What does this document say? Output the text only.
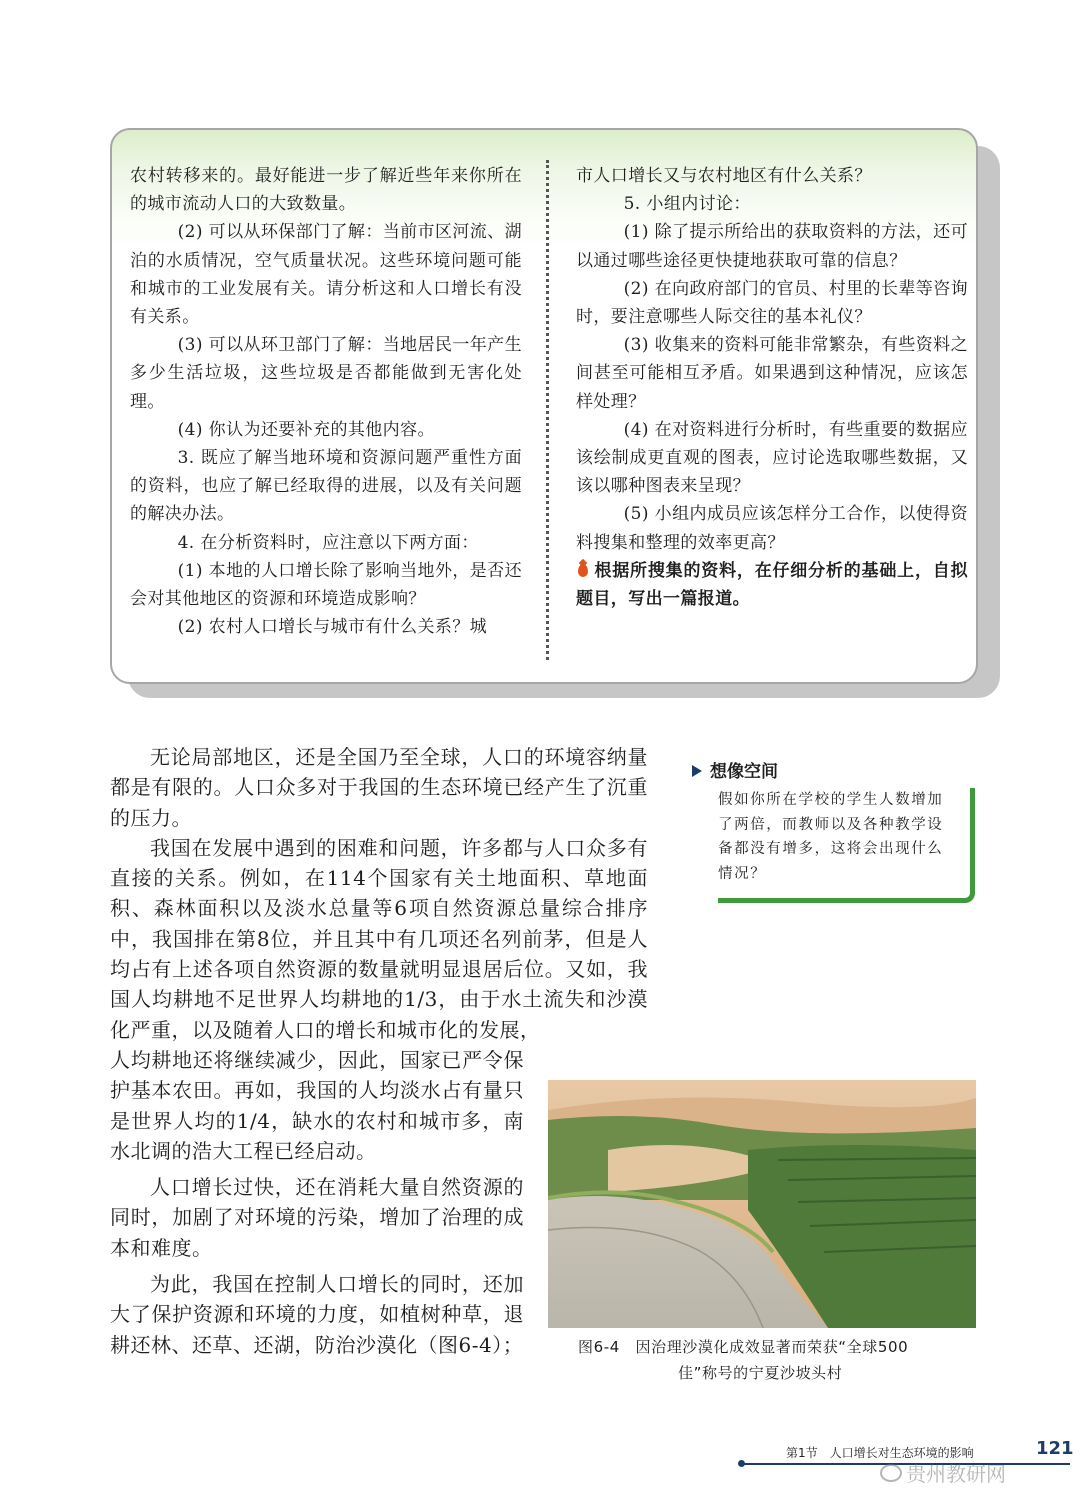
农村转移来的。最好能进一步了解近些年来你所在的城市流动人口的大致数量。

(2) 可以从环保部门了解：当前市区河流、湖泊的水质情况，空气质量状况。这些环境问题可能和城市的工业发展有关。请分析这和人口增长有没有关系。

(3) 可以从环卫部门了解：当地居民一年产生多少生活垃圾，这些垃圾是否都能做到无害化处理。

(4) 你认为还要补充的其他内容。

3. 既应了解当地环境和资源问题严重性方面的资料，也应了解已经取得的进展，以及有关问题的解决办法。

4. 在分析资料时，应注意以下两方面：

(1) 本地的人口增长除了影响当地外，是否还会对其他地区的资源和环境造成影响？

(2) 农村人口增长与城市有什么关系？城

市人口增长又与农村地区有什么关系？

5. 小组内讨论：

(1) 除了提示所给出的获取资料的方法，还可以通过哪些途径更快捷地获取可靠的信息？

(2) 在向政府部门的官员、村里的长辈等咨询时，要注意哪些人际交往的基本礼仪？

(3) 收集来的资料可能非常繁杂，有些资料之间甚至可能相互矛盾。如果遇到这种情况，应该怎样处理？

(4) 在对资料进行分析时，有些重要的数据应该绘制成更直观的图表，应讨论选取哪些数据，又该以哪种图表来呈现？

(5) 小组内成员应该怎样分工合作，以使得资料搜集和整理的效率更高？

根据所搜集的资料，在仔细分析的基础上，自拟题目，写出一篇报道。

无论局部地区，还是全国乃至全球，人口的环境容纳量都是有限的。人口众多对于我国的生态环境已经产生了沉重的压力。

我国在发展中遇到的困难和问题，许多都与人口众多有直接的关系。例如，在114个国家有关土地面积、草地面积、森林面积以及淡水总量等6项自然资源总量综合排序中，我国排在第8位，并且其中有几项还名列前茅，但是人均占有上述各项自然资源的数量就明显退居后位。又如，我国人均耕地不足世界人均耕地的1/3，由于水土流失和沙漠化严重，以及随着人口的增长和城市化的发展，

人均耕地还将继续减少，因此，国家已严令保护基本农田。再如，我国的人均淡水占有量只是世界人均的1/4，缺水的农村和城市多，南水北调的浩大工程已经启动。

人口增长过快，还在消耗大量自然资源的同时，加剧了对环境的污染，增加了治理的成本和难度。

为此，我国在控制人口增长的同时，还加大了保护资源和环境的力度，如植树种草，退耕还林、还草、还湖，防治沙漠化（图6-4）；

想像空间
假如你所在学校的学生人数增加了两倍，而教师以及各种教学设备都没有增多，这将会出现什么情况？
图6-4　因治理沙漠化成效显著而荣获“全球500
佳”称号的宁夏沙坡头村
第1节　人口增长对生态环境的影响	121
贵州教研网
